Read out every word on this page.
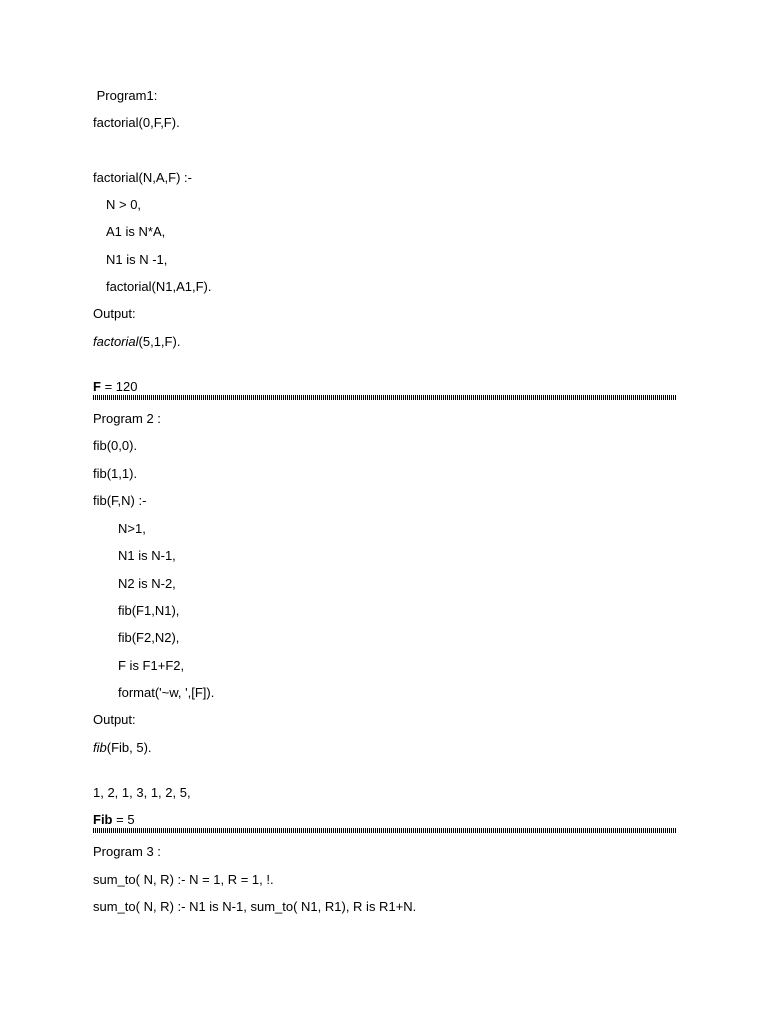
Program1:
factorial(0,F,F).
factorial(N,A,F) :-
N > 0,
A1 is N*A,
N1 is N -1,
factorial(N1,A1,F).
Output:
factorial(5,1,F).
F = 120
Program 2 :
fib(0,0).
fib(1,1).
fib(F,N) :-
N>1,
N1 is N-1,
N2 is N-2,
fib(F1,N1),
fib(F2,N2),
F is F1+F2,
format('~w, ',[F]).
Output:
fib(Fib, 5).
1, 2, 1, 3, 1, 2, 5,
Fib = 5
Program 3 :
sum_to( N, R) :- N = 1, R = 1, !.
sum_to( N, R) :- N1 is N-1, sum_to( N1, R1), R is R1+N.
